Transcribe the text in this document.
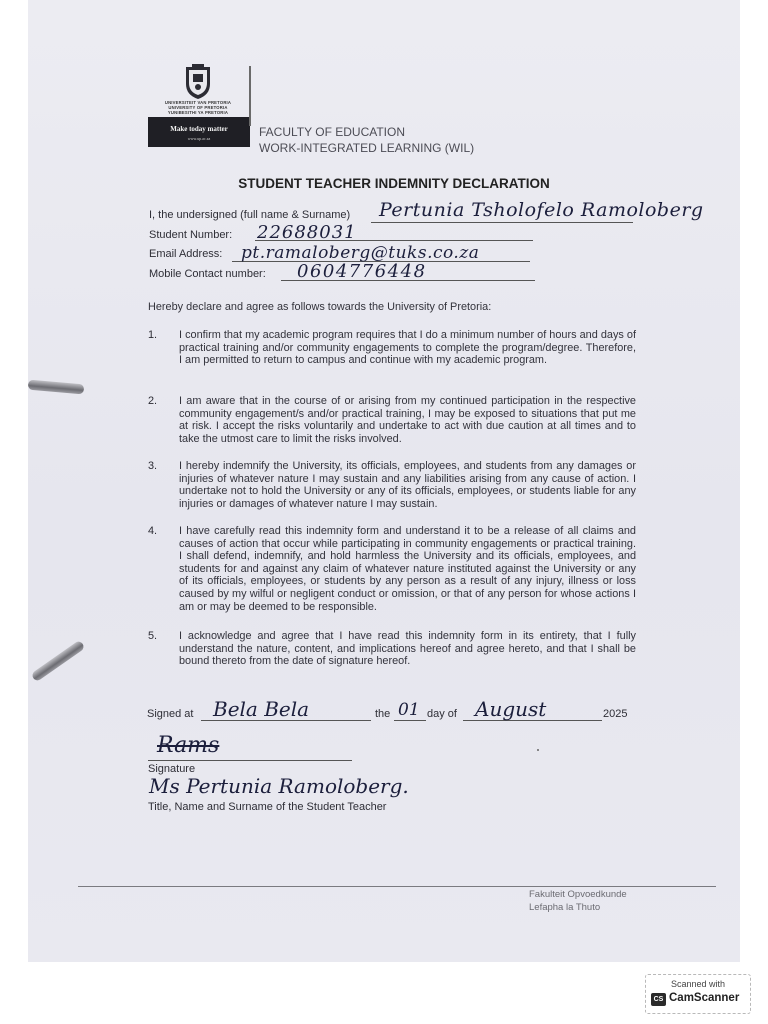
UNIVERSITEIT VAN PRETORIA
UNIVERSITY OF PRETORIA
YUNIBESITHI YA PRETORIA
Make today matter
www.up.ac.za	FACULTY OF EDUCATION
WORK-INTEGRATED LEARNING (WIL)
STUDENT TEACHER INDEMNITY DECLARATION
I, the undersigned (full name & Surname) Pertunia Tsholofelo Ramoloberg
Student Number: 22688031
Email Address: pt.ramaloberg@tuks.co.za
Mobile Contact number: 0604776448
Hereby declare and agree as follows towards the University of Pretoria:
1. I confirm that my academic program requires that I do a minimum number of hours and days of practical training and/or community engagements to complete the program/degree. Therefore, I am permitted to return to campus and continue with my academic program.
2. I am aware that in the course of or arising from my continued participation in the respective community engagement/s and/or practical training, I may be exposed to situations that put me at risk. I accept the risks voluntarily and undertake to act with due caution at all times and to take the utmost care to limit the risks involved.
3. I hereby indemnify the University, its officials, employees, and students from any damages or injuries of whatever nature I may sustain and any liabilities arising from any cause of action. I undertake not to hold the University or any of its officials, employees, or students liable for any injuries or damages of whatever nature I may sustain.
4. I have carefully read this indemnity form and understand it to be a release of all claims and causes of action that occur while participating in community engagements or practical training. I shall defend, indemnify, and hold harmless the University and its officials, employees, and students for and against any claim of whatever nature instituted against the University or any of its officials, employees, or students by any person as a result of any injury, illness or loss caused by my wilful or negligent conduct or omission, or that of any person for whose actions I am or may be deemed to be responsible.
5. I acknowledge and agree that I have read this indemnity form in its entirety, that I fully understand the nature, content, and implications hereof and agree hereto, and that I shall be bound thereto from the date of signature hereof.
Signed at Bela Bela	the 01 day of August	2025
Rams
Signature
Ms Pertunia Ramoloberg.
Title, Name and Surname of the Student Teacher
Fakulteit Opvoedkunde
Lefapha la Thuto
Scanned with
CS CamScanner
